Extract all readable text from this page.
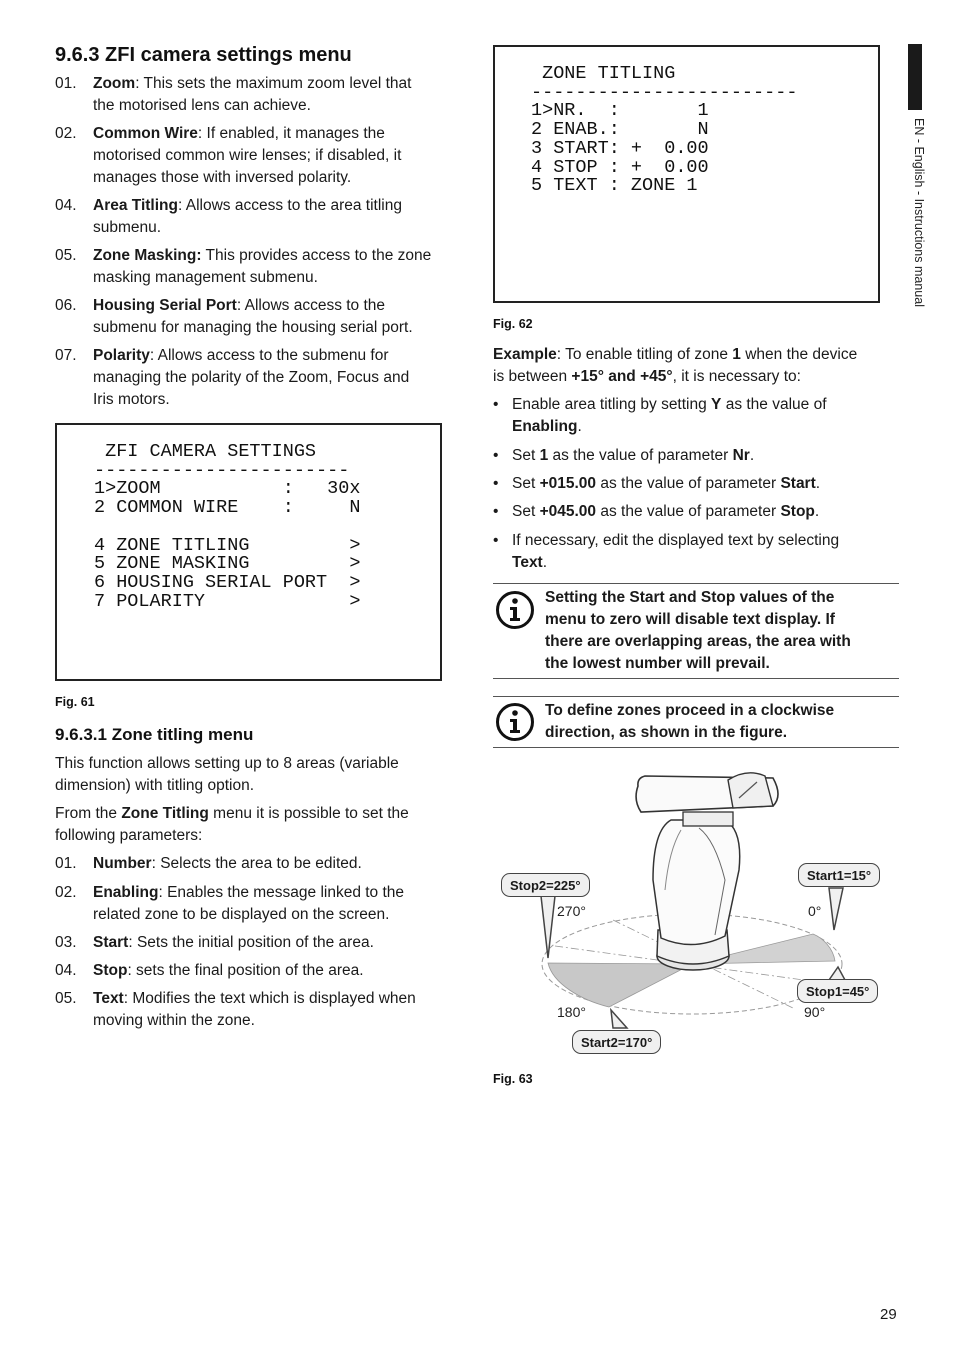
EN - English - Instructions manual
9.6.3 ZFI camera settings menu
01.	Zoom: This sets the maximum zoom level that
the motorised lens can achieve.
02.	Common Wire: If enabled, it manages the
motorised common wire lenses; if disabled, it
manages those with inversed polarity.
04.	Area Titling: Allows access to the area titling
submenu.
05.	Zone Masking: This provides access to the zone
masking management submenu.
06.	Housing Serial Port: Allows access to the
submenu for managing the housing serial port.
07.	Polarity: Allows access to the submenu for
managing the polarity of the Zoom, Focus and
Iris motors.
ZFI CAMERA SETTINGS
-----------------------
1>ZOOM           :   30x
2 COMMON WIRE    :     N

4 ZONE TITLING         >
5 ZONE MASKING         >
6 HOUSING SERIAL PORT  >
7 POLARITY             >
Fig. 61
9.6.3.1 Zone titling menu
This function allows setting up to 8 areas (variable
dimension) with titling option.
From the Zone Titling menu it is possible to set the
following parameters:
01.	Number: Selects the area to be edited.
02.	Enabling: Enables the message linked to the
related zone to be displayed on the screen.
03.	Start: Sets the initial position of the area.
04.	Stop: sets the final position of the area.
05.	Text: Modifies the text which is displayed when
moving within the zone.
ZONE TITLING
------------------------
1>NR.  :       1
2 ENAB.:       N
3 START: +  0.00
4 STOP : +  0.00
5 TEXT : ZONE 1
Fig. 62
Example: To enable titling of zone 1 when the device
is between +15° and +45°, it is necessary to:
• Enable area titling by setting Y as the value of
Enabling.
• Set 1 as the value of parameter Nr.
• Set +015.00 as the value of parameter Start.
• Set +045.00 as the value of parameter Stop.
• If necessary, edit the displayed text by selecting
Text.
Setting the Start and Stop values of the
menu to zero will disable text display. If
there are overlapping areas, the area with
the lowest number will prevail.
To define zones proceed in a clockwise
direction, as shown in the figure.
Stop2=225°
Start1=15°
Stop1=45°
Start2=170°
270°	0°
180°	90°
Fig. 63
29
